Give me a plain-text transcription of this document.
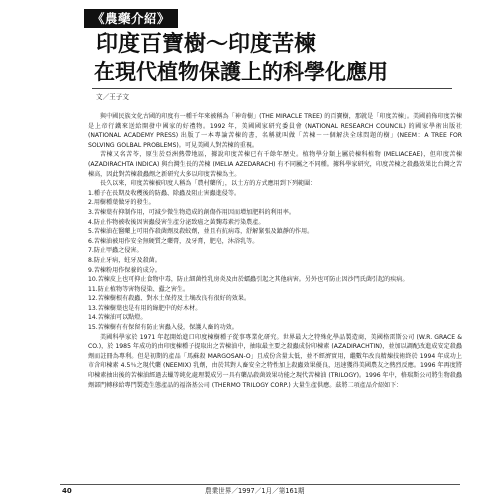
《農藥介紹》
印度百寶樹～印度苦楝
在現代植物保護上的科學化應用
文／王子文

與中國民族文化古國的印度有一種千年來被稱為「神奇樹」(THE MIRACLE TREE) 的百寶樹，那就是「印度苦楝」。美國前佈印度苦楝是上帝行鐵來送給開發中國家的好禮物。1992 年，美國國家研究委員會 (NATIONAL RESEARCH COUNCIL) 的國家學術出版社 (NATIONAL ACADEMY PRESS) 出版了一本專論苦楝的書，名稱就叫做「苦楝－一個解決全球問題的樹」(NEEM：A TREE FOR SOLVING GOLBAL PROBLEMS)。可見美國人對苦楝的重視。

苦楝又名苦苓，原生於亞洲熱帶地區，據說印度苦楝已有千餘年歷史。植物學分類上屬於楝科植物 (MELIACEAE)，但印度苦楝 (AZADIRACHTA INDICA) 與台灣生長的苦楝 (MELIA AZEDARACH) 有不同屬之不同種。據科學家研究，印度苦楝之殺蟲效果比台灣之苦楝高，因此對苦楝殺蟲劑之新研究大多以印度苦楝為主。

長久以來，印度苦楝被印度人稱為「農村藥所」，以土方的方式應用到下列範圍：

1.種子在長期及收穫後的防蟲、除蟲及阻止害蟲進侵等。
2.用樹種葉做牙的發生。
3.苦楝葉有抑制作用，可減少微生物造成的創傷作用因而增加肥料的利用率。
4.防止作物被收後因害蟲侵害生產分泌致癌之黃麴毒素污染農產。
5.苦楝油在醫藥上可用作殺菌劑及殺蚊劑，並且有抗病毒，舒解緊張及鎮靜的作用。
6.苦楝油被用作安全無硬質之藥膏，及牙膏，肥皂，沐浴乳等。
7.防止甲蟲之侵害。
8.防止牙病，蛀牙及殺菌。
9.苦楝粉用作保養的成分。
10.苦楝皮上也可抑止食物中毒，防止細菌性乳房炎及由於蠕蟲引起之其他病害。另外也可防止因沙門氏菌引起的疾病。
11.防止植物等害物侵染、蠹之害生。
12.苦楝樹根有殺蟲、對水土保持及土壤改良有很好的效果。
13.苦楝樹葉也是有用的綠肥中的好木材。
14.苦楝油可以點燈。
15.苦楝樹有有保留有防止害蟲入侵，保護人畜的功效。

美國科學家於 1971 年起開始進口印度楝樹種子從事專業化研究。世界最大之特殊化學品製造商，美國格雷斯公司 (W.R. GRACE & CO.)，於 1985 年成功的由印度楝種子提取出之苦楝油中，抽取最主要之殺蟲成份印楝素 (AZADIRACHTIN)，並加以調配改進成安定殺蟲劑而註冊為專利。但是初期的產品「馬蘇殺 MARGOSAN-O」且成份含量太低，並不經濟實用，繼數年改良精煉技術終於 1994 年成功上市含印楝素 4.5％之現代藥 (NEEMIX) 乳劑，由於其對人畜安全之特性加上殺蟲效果優良，迅速獲得美國農友之熱烈反應。1996 年再度將印楝素抽出後的苦楝油經過去蠟等純化處理製成另一具有藥品殺菌效果功能之現代苦楝油 (TRILOGY)。1996 年中，格瑞斯公司將生物殺蟲劑部門轉移給專門製造生態產品的福洛基公司 (THERMO TRILOGY CORP.) 大量生產供應。茲將二項產品介紹如下：

40	農業世界／1997／1月／第161期
